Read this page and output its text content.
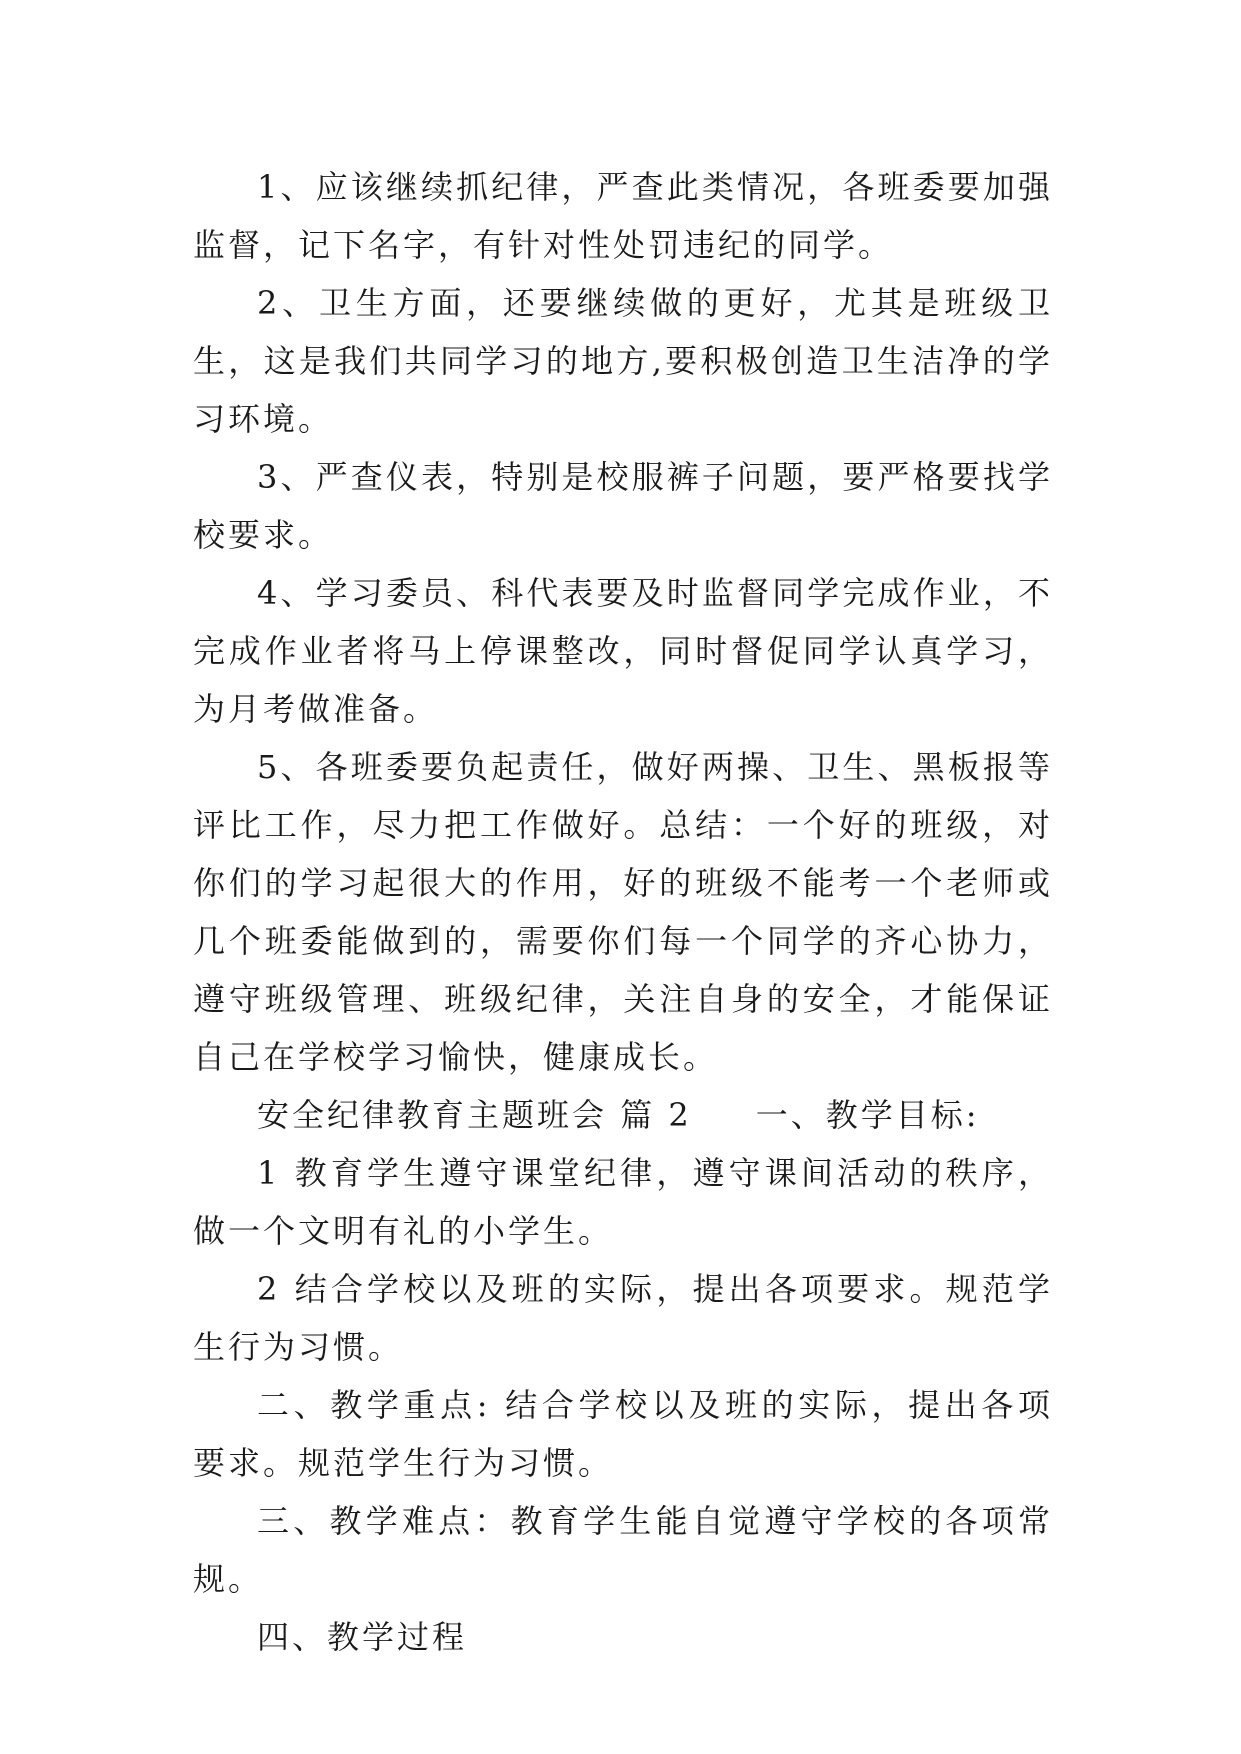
1、应该继续抓纪律，严查此类情况，各班委要加强监督，记下名字，有针对性处罚违纪的同学。

2、卫生方面，还要继续做的更好，尤其是班级卫生，这是我们共同学习的地方,要积极创造卫生洁净的学习环境。

3、严查仪表，特别是校服裤子问题，要严格要找学校要求。

4、学习委员、科代表要及时监督同学完成作业，不完成作业者将马上停课整改，同时督促同学认真学习，为月考做准备。

5、各班委要负起责任，做好两操、卫生、黑板报等评比工作，尽力把工作做好。总结：一个好的班级，对你们的学习起很大的作用，好的班级不能考一个老师或几个班委能做到的，需要你们每一个同学的齐心协力，遵守班级管理、班级纪律，关注自身的安全，才能保证自己在学校学习愉快，健康成长。

安全纪律教育主题班会 篇 2 一、教学目标:

1 教育学生遵守课堂纪律，遵守课间活动的秩序，做一个文明有礼的小学生。

2 结合学校以及班的实际，提出各项要求。规范学生行为习惯。

二、教学重点: 结合学校以及班的实际，提出各项要求。规范学生行为习惯。

三、教学难点：教育学生能自觉遵守学校的各项常规。

四、教学过程
